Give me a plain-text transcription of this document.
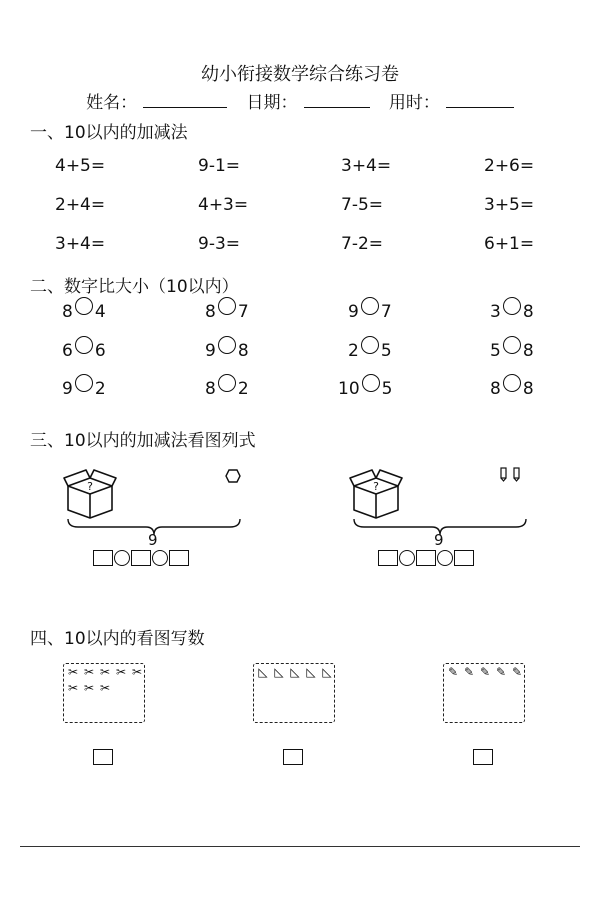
幼小衔接数学综合练习卷
姓名：	日期：	用时：
一、10以内的加减法
4+5=	9-1=	3+4=	2+6=
2+4=	4+3=	7-5=	3+5=
3+4=	9-3=	7-2=	6+1=
二、数字比大小（10以内）
8 4	8 7	9 7	3 8
6 6	9 8	2 5	5 8
9 2	8 2	10 5	8 8
三、10以内的加减法看图列式
?
9
?
9
四、10以内的看图写数
✂ ✂ ✂ ✂ ✂
✂ ✂ ✂
◺ ◺ ◺ ◺ ◺	✎ ✎ ✎ ✎ ✎
